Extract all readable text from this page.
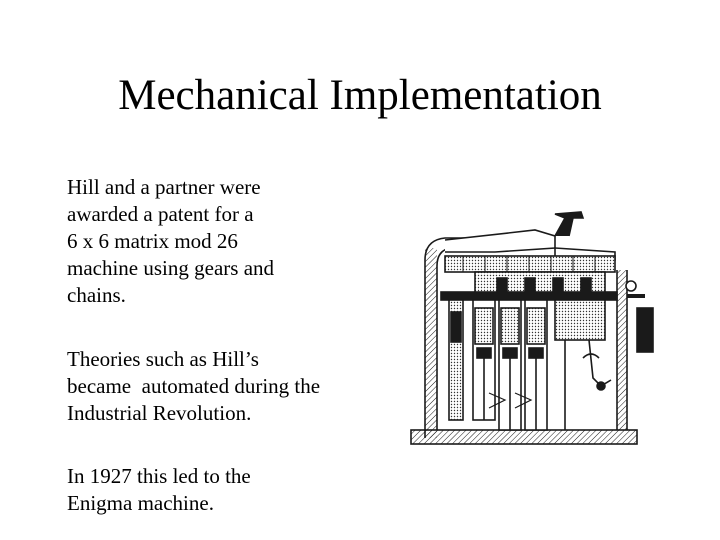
Mechanical Implementation

Hill and a partner were
awarded a patent for a
6 x 6 matrix mod 26
machine using gears and
chains.

Theories such as Hill’s
became  automated during the
Industrial Revolution.

In 1927 this led to the
Enigma machine.
